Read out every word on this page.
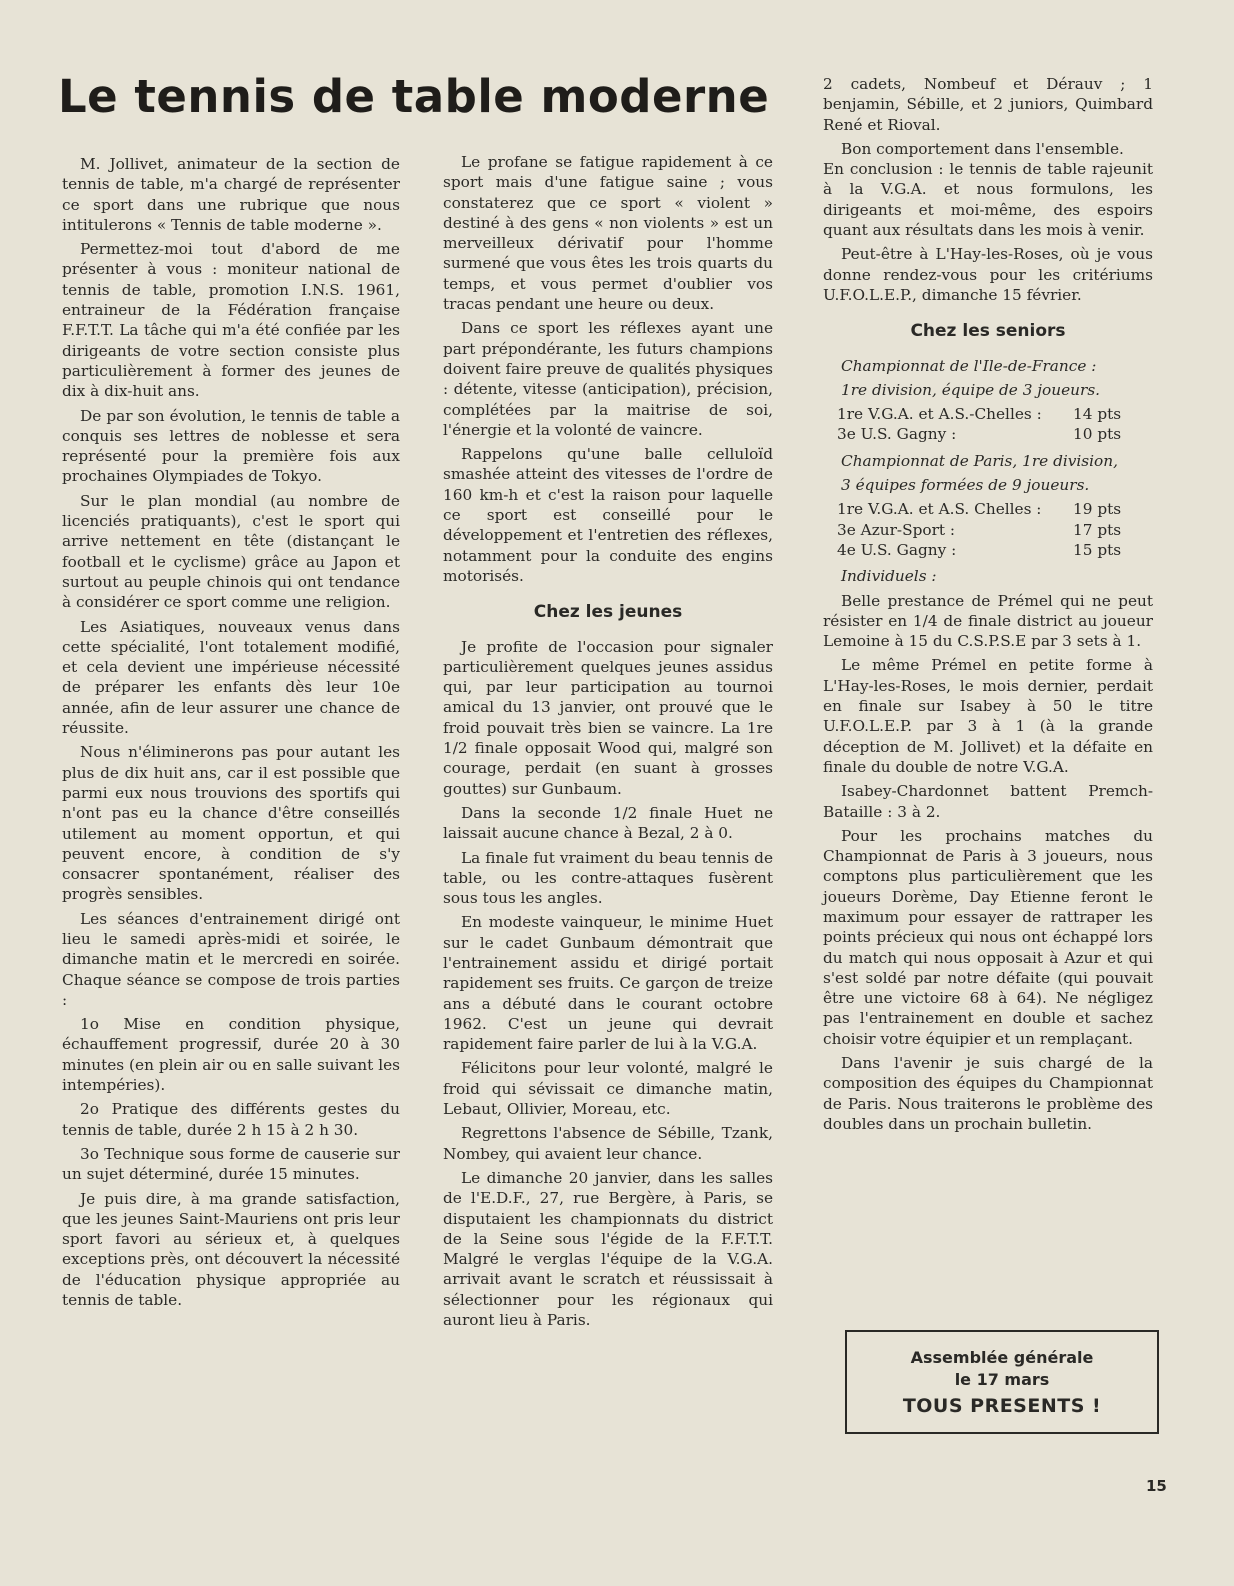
Le tennis de table moderne

M. Jollivet, animateur de la section de tennis de table, m'a chargé de représenter ce sport dans une rubrique que nous intitulerons « Tennis de table moderne ».

Permettez-moi tout d'abord de me présenter à vous : moniteur national de tennis de table, promotion I.N.S. 1961, entraineur de la Fédération française F.F.T.T. La tâche qui m'a été confiée par les dirigeants de votre section consiste plus particulièrement à former des jeunes de dix à dix-huit ans.

De par son évolution, le tennis de table a conquis ses lettres de noblesse et sera représenté pour la première fois aux prochaines Olympiades de Tokyo.

Sur le plan mondial (au nombre de licenciés pratiquants), c'est le sport qui arrive nettement en tête (distançant le football et le cyclisme) grâce au Japon et surtout au peuple chinois qui ont tendance à considérer ce sport comme une religion.

Les Asiatiques, nouveaux venus dans cette spécialité, l'ont totalement modifié, et cela devient une impérieuse nécessité de préparer les enfants dès leur 10e année, afin de leur assurer une chance de réussite.

Nous n'éliminerons pas pour autant les plus de dix huit ans, car il est possible que parmi eux nous trouvions des sportifs qui n'ont pas eu la chance d'être conseillés utilement au moment opportun, et qui peuvent encore, à condition de s'y consacrer spontanément, réaliser des progrès sensibles.

Les séances d'entrainement dirigé ont lieu le samedi après-midi et soirée, le dimanche matin et le mercredi en soirée. Chaque séance se compose de trois parties :

1o Mise en condition physique, échauffement progressif, durée 20 à 30 minutes (en plein air ou en salle suivant les intempéries).

2o Pratique des différents gestes du tennis de table, durée 2 h 15 à 2 h 30.

3o Technique sous forme de causerie sur un sujet déterminé, durée 15 minutes.

Je puis dire, à ma grande satisfaction, que les jeunes Saint-Mauriens ont pris leur sport favori au sérieux et, à quelques exceptions près, ont découvert la nécessité de l'éducation physique appropriée au tennis de table.

Le profane se fatigue rapidement à ce sport mais d'une fatigue saine ; vous constaterez que ce sport « violent » destiné à des gens « non violents » est un merveilleux dérivatif pour l'homme surmené que vous êtes les trois quarts du temps, et vous permet d'oublier vos tracas pendant une heure ou deux.

Dans ce sport les réflexes ayant une part prépondérante, les futurs champions doivent faire preuve de qualités physiques : détente, vitesse (anticipation), précision, complétées par la maitrise de soi, l'énergie et la volonté de vaincre.

Rappelons qu'une balle celluloïd smashée atteint des vitesses de l'ordre de 160 km-h et c'est la raison pour laquelle ce sport est conseillé pour le développement et l'entretien des réflexes, notamment pour la conduite des engins motorisés.

Chez les jeunes

Je profite de l'occasion pour signaler particulièrement quelques jeunes assidus qui, par leur participation au tournoi amical du 13 janvier, ont prouvé que le froid pouvait très bien se vaincre. La 1re 1/2 finale opposait Wood qui, malgré son courage, perdait (en suant à grosses gouttes) sur Gunbaum.

Dans la seconde 1/2 finale Huet ne laissait aucune chance à Bezal, 2 à 0.

La finale fut vraiment du beau tennis de table, ou les contre-attaques fusèrent sous tous les angles.

En modeste vainqueur, le minime Huet sur le cadet Gunbaum démontrait que l'entrainement assidu et dirigé portait rapidement ses fruits. Ce garçon de treize ans a débuté dans le courant octobre 1962. C'est un jeune qui devrait rapidement faire parler de lui à la V.G.A.

Félicitons pour leur volonté, malgré le froid qui sévissait ce dimanche matin, Lebaut, Ollivier, Moreau, etc.

Regrettons l'absence de Sébille, Tzank, Nombey, qui avaient leur chance.

Le dimanche 20 janvier, dans les salles de l'E.D.F., 27, rue Bergère, à Paris, se disputaient les championnats du district de la Seine sous l'égide de la F.F.T.T. Malgré le verglas l'équipe de la V.G.A. arrivait avant le scratch et réussissait à sélectionner pour les régionaux qui auront lieu à Paris.

2 cadets, Nombeuf et Dérauv ; 1 benjamin, Sébille, et 2 juniors, Quimbard René et Rioval.

Bon comportement dans l'ensemble.

En conclusion : le tennis de table rajeunit à la V.G.A. et nous formulons, les dirigeants et moi-même, des espoirs quant aux résultats dans les mois à venir.

Peut-être à L'Hay-les-Roses, où je vous donne rendez-vous pour les critériums U.F.O.L.E.P., dimanche 15 février.

Chez les seniors

Championnat de l'Ile-de-France :

1re division, équipe de 3 joueurs.

1re V.G.A. et A.S.-Chelles : 14 pts
3e U.S. Gagny :	10 pts

Championnat de Paris, 1re division,

3 équipes formées de 9 joueurs.

1re V.G.A. et A.S. Chelles : 19 pts
3e Azur-Sport :	17 pts
4e U.S. Gagny :	15 pts

Individuels :

Belle prestance de Prémel qui ne peut résister en 1/4 de finale district au joueur Lemoine à 15 du C.S.P.S.E par 3 sets à 1.

Le même Prémel en petite forme à L'Hay-les-Roses, le mois dernier, perdait en finale sur Isabey à 50 le titre U.F.O.L.E.P. par 3 à 1 (à la grande déception de M. Jollivet) et la défaite en finale du double de notre V.G.A.

Isabey-Chardonnet battent Premch-Bataille : 3 à 2.

Pour les prochains matches du Championnat de Paris à 3 joueurs, nous comptons plus particulièrement que les joueurs Dorème, Day Etienne feront le maximum pour essayer de rattraper les points précieux qui nous ont échappé lors du match qui nous opposait à Azur et qui s'est soldé par notre défaite (qui pouvait être une victoire 68 à 64). Ne négligez pas l'entrainement en double et sachez choisir votre équipier et un remplaçant.

Dans l'avenir je suis chargé de la composition des équipes du Championnat de Paris. Nous traiterons le problème des doubles dans un prochain bulletin.

Assemblée générale
le 17 mars
TOUS PRESENTS !
15
